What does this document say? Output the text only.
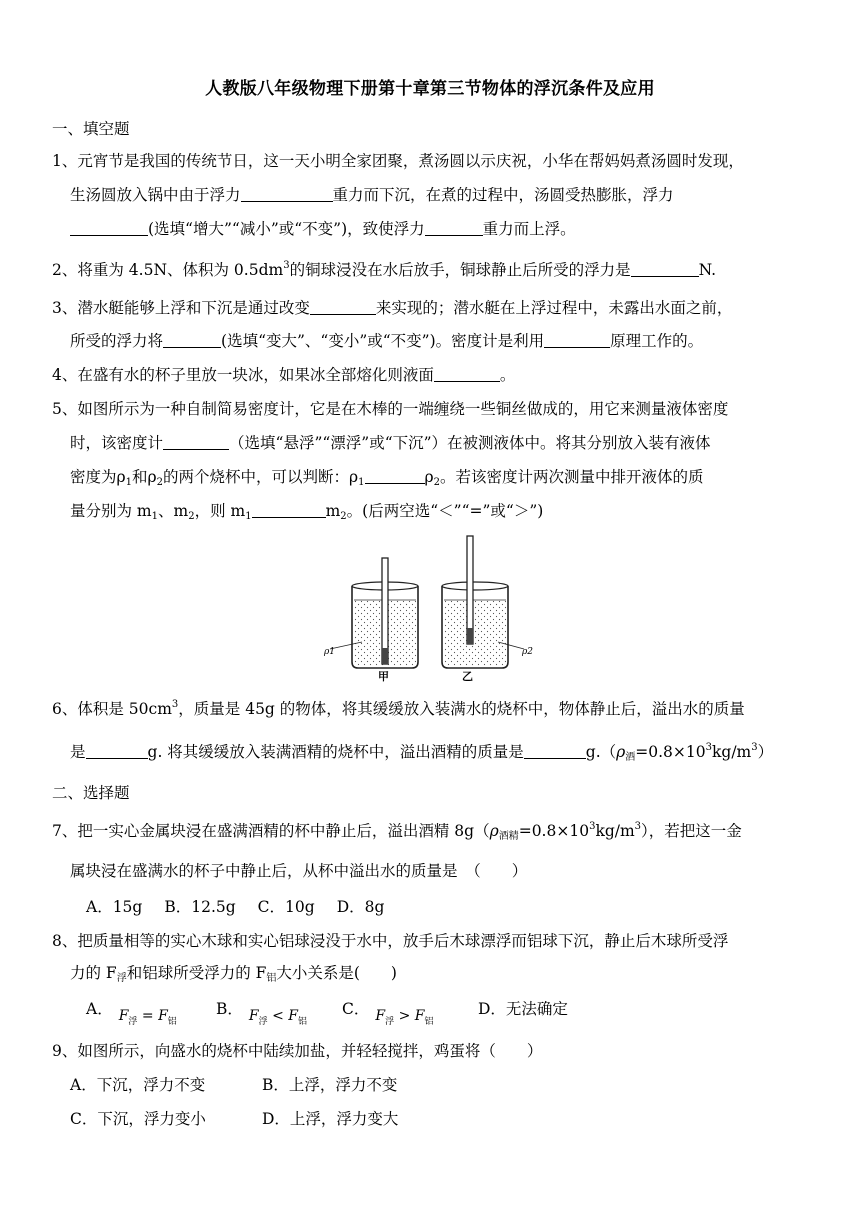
人教版八年级物理下册第十章第三节物体的浮沉条件及应用
一、填空题
1、元宵节是我国的传统节日，这一天小明全家团聚，煮汤圆以示庆祝，小华在帮妈妈煮汤圆时发现，
生汤圆放入锅中由于浮力	重力而下沉，在煮的过程中，汤圆受热膨胀，浮力
(选填“增大”“减小”或“不变”)，致使浮力	重力而上浮。
2、将重为 4.5N、体积为 $0.5dm^3$的铜球浸没在水后放手，铜球静止后所受的浮力是	N.
3、潜水艇能够上浮和下沉是通过改变	来实现的；潜水艇在上浮过程中，未露出水面之前，
所受的浮力将	(选填“变大”、“变小”或“不变”)。密度计是利用	原理工作的。
4、在盛有水的杯子里放一块冰，如果冰全部熔化则液面	。
5、如图所示为一种自制简易密度计，它是在木棒的一端缠绕一些铜丝做成的，用它来测量液体密度
时，该密度计	（选填“悬浮”“漂浮”或“下沉”）在被测液体中。将其分别放入装有液体
密度为$\rho_1$和$\rho_2$的两个烧杯中，可以判断：$\rho_1$	$\rho_2$。若该密度计两次测量中排开液体的质
量分别为 $m_1$、$m_2$，则 $m_1$	$m_2$。(后两空选“＜”“=”或“＞”)
ρ1
甲
ρ2
乙
6、体积是 $50cm^3$，质量是 45g 的物体，将其缓缓放入装满水的烧杯中，物体静止后，溢出水的质量
是	g. 将其缓缓放入装满酒精的烧杯中，溢出酒精的质量是	$g.(\rho_酒=0.8\times 10^3kg/m^3)$
二、选择题
7、把一实心金属块浸在盛满酒精的杯中静止后，溢出酒精 $8g(\rho_{酒精}=0.8\times 10^3kg/m^3)$，若把这一金
属块浸在盛满水的杯子中静止后，从杯中溢出水的质量是　（　　）
A．15g B．12.5g C．10g D．8g
8、把质量相等的实心木球和实心铝球浸没于水中，放手后木球漂浮而铝球下沉，静止后木球所受浮
力的 $F_浮$和铝球所受浮力的 $F_铝$大小关系是(　　)
A． $F_浮 = F_铝B$． $F_浮 < F_铝C$． $F_浮 > F_铝D$．无法确定
9、如图所示，向盛水的烧杯中陆续加盐，并轻轻搅拌，鸡蛋将（　　）
A．下沉，浮力不变	B．上浮，浮力不变
C．下沉，浮力变小	D．上浮，浮力变大
